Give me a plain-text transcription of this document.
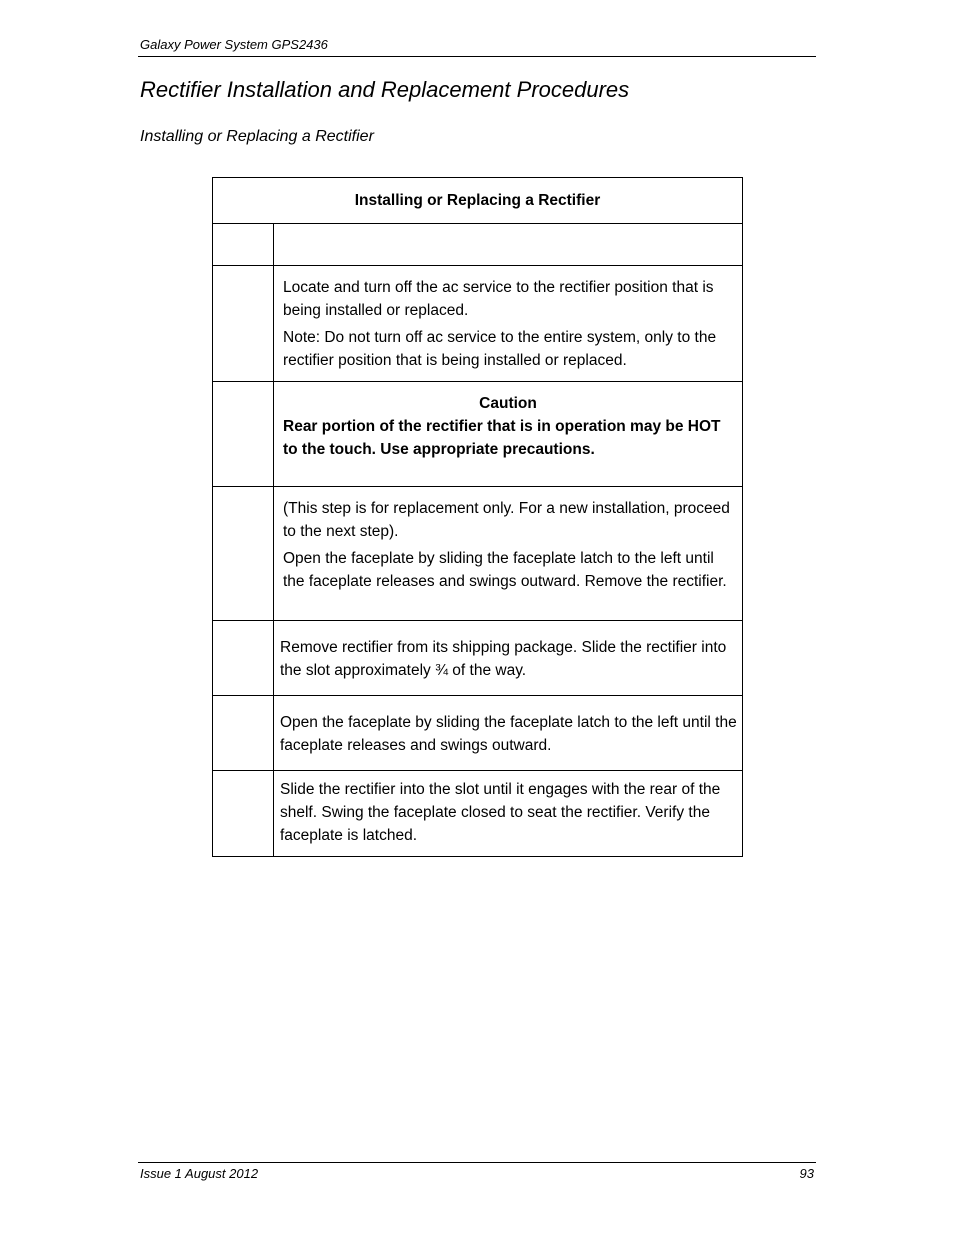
Galaxy Power System GPS2436
Rectifier Installation and Replacement Procedures
Installing or Replacing a Rectifier
Installing or Replacing a Rectifier	

	Locate and turn off the ac service to the rectifier position that is being installed or replaced.

Note: Do not turn off ac service to the entire system, only to the rectifier position that is being installed or replaced.

	Caution
Rear portion of the rectifier that is in operation may be HOT to the touch. Use appropriate precautions.

	(This step is for replacement only. For a new installation, proceed to the next step).

Open the faceplate by sliding the faceplate latch to the left until the faceplate releases and swings outward. Remove the rectifier.

	Remove rectifier from its shipping package. Slide the rectifier into the slot approximately ¾ of the way.

	Open the faceplate by sliding the faceplate latch to the left until the faceplate releases and swings outward.

	Slide the rectifier into the slot until it engages with the rear of the shelf. Swing the faceplate closed to seat the rectifier. Verify the faceplate is latched.

Issue 1 August 2012	93
